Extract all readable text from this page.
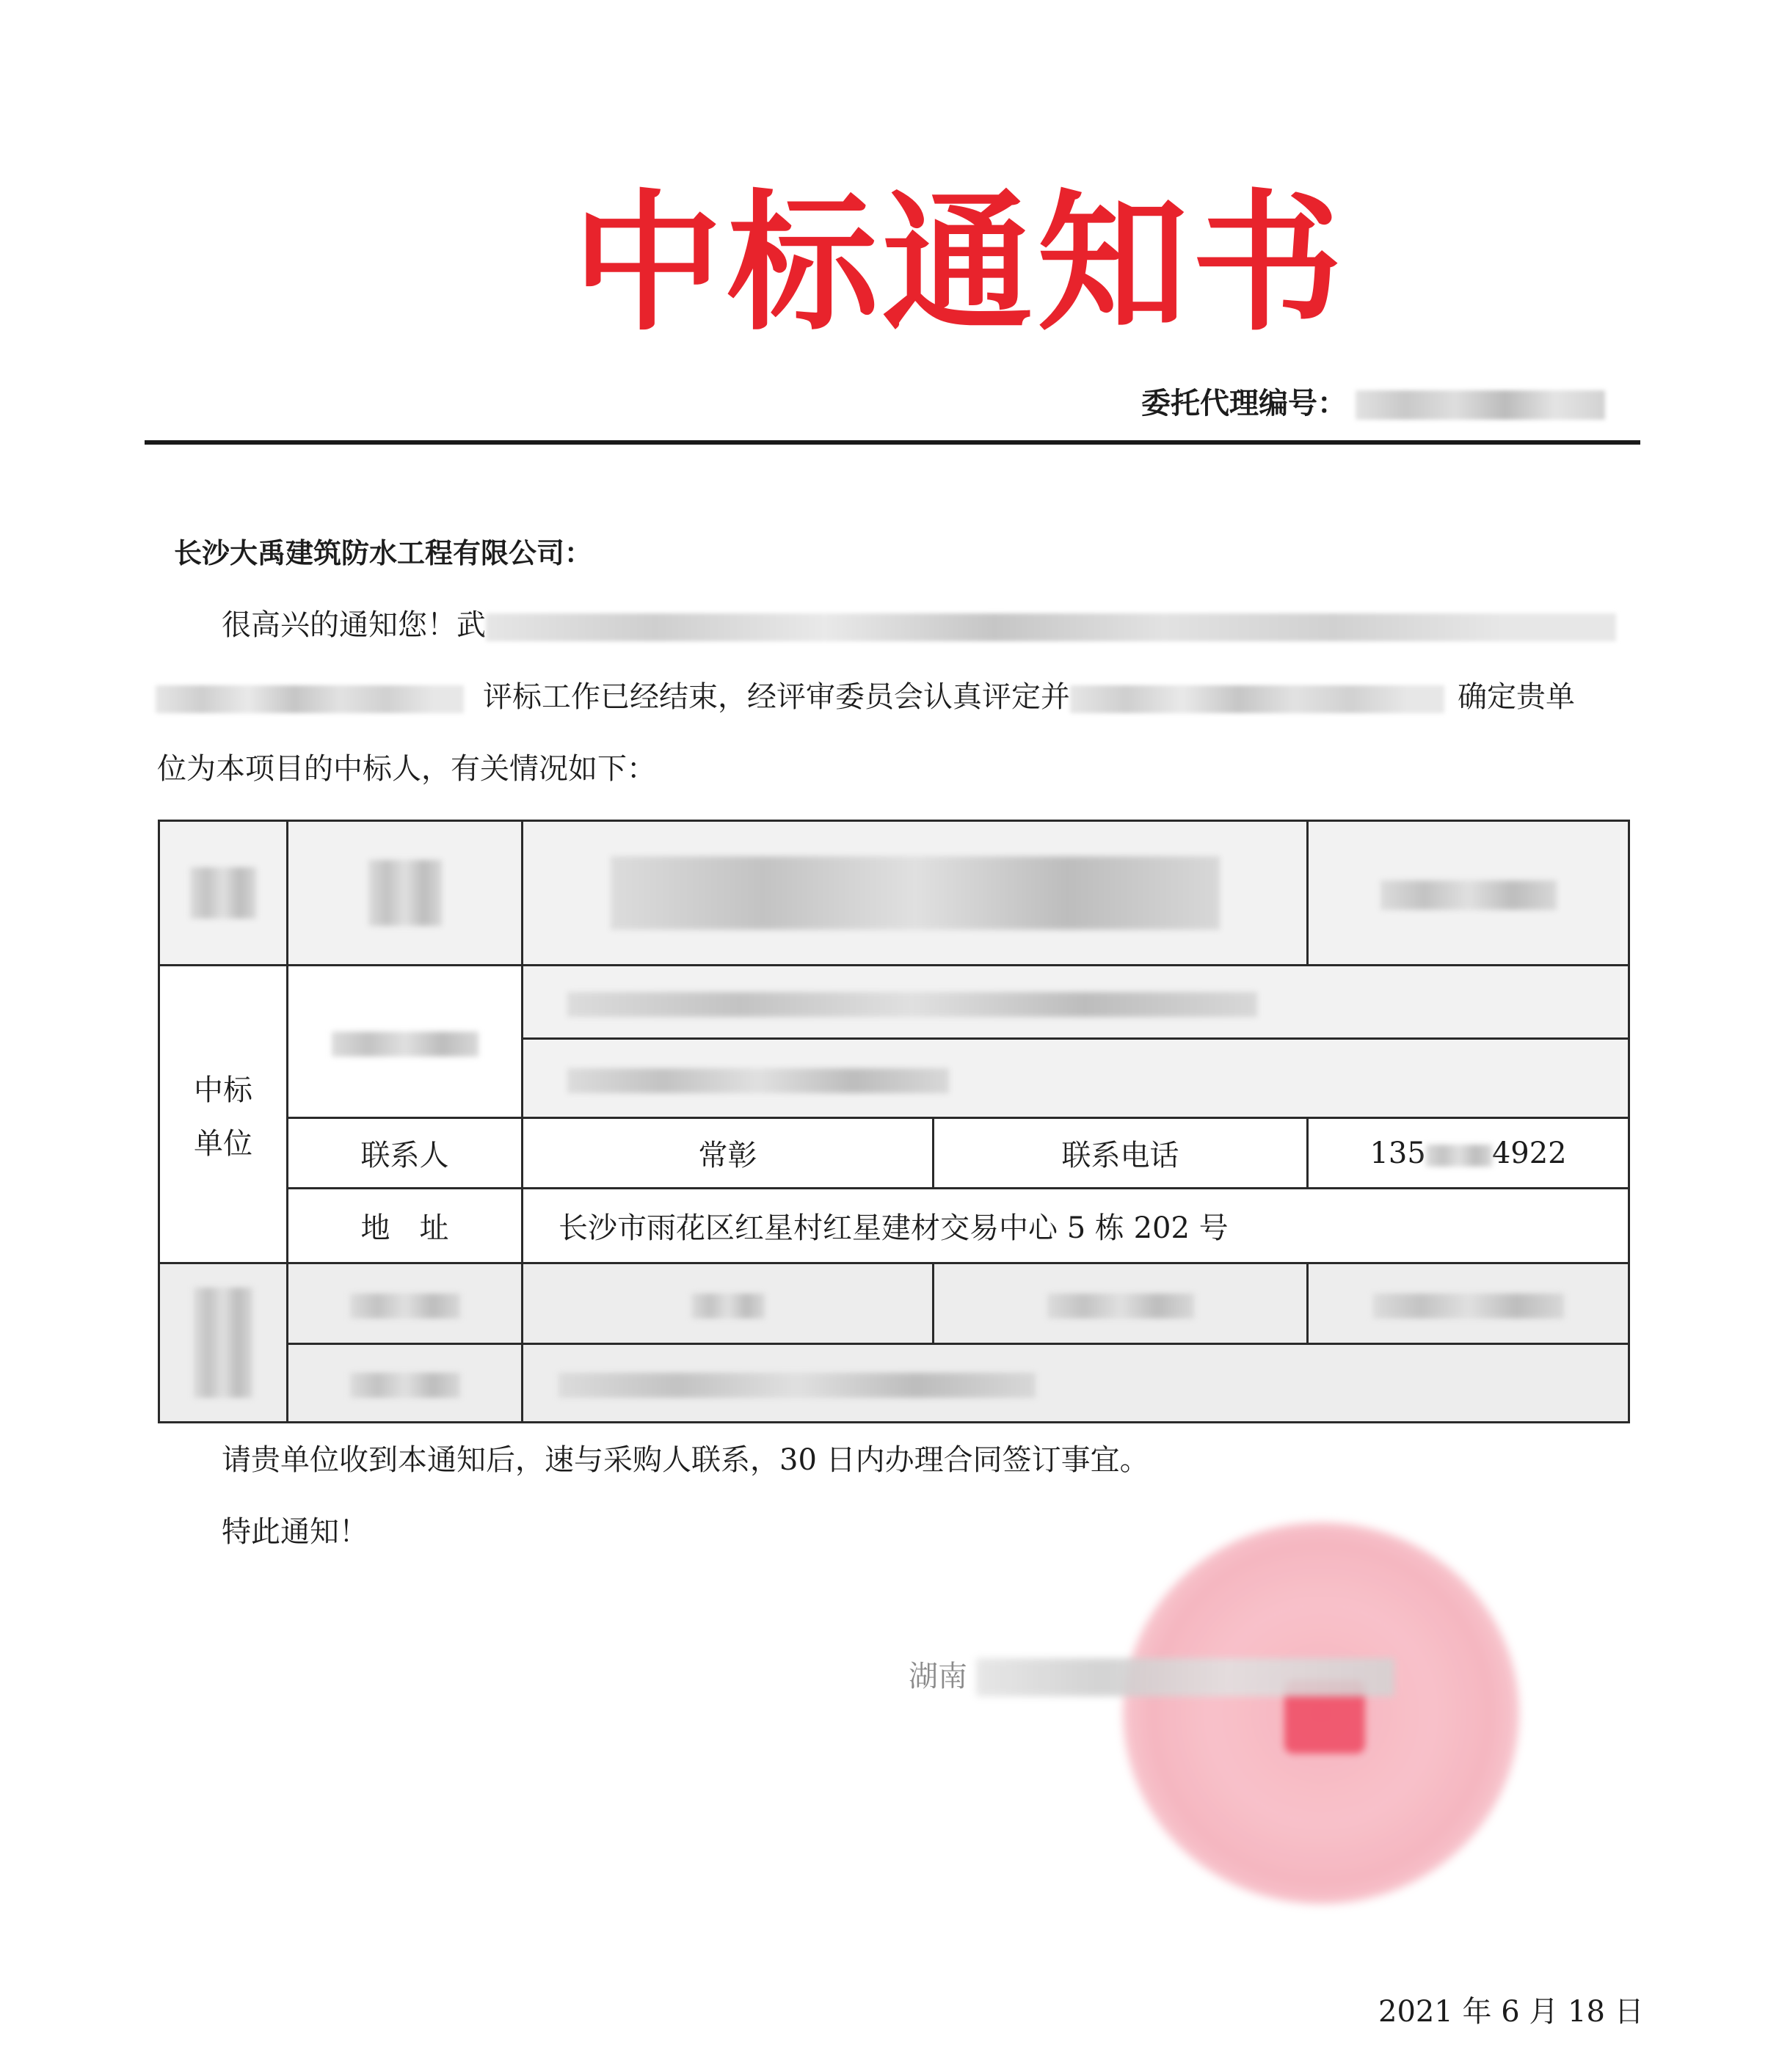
中标通知书
委托代理编号：
长沙大禹建筑防水工程有限公司：
很高兴的通知您！武
评标工作已经结束，经评审委员会认真评定并	确定贵单
位为本项目的中标人，有关情况如下：

中标
单位				

	联系人	常彰	联系电话	135 4922
	地　址	长沙市雨花区红星村红星建材交易中心 5 栋 202 号		

请贵单位收到本通知后，速与采购人联系，30 日内办理合同签订事宜。
特此通知！
湖南
2021 年 6 月 18 日
